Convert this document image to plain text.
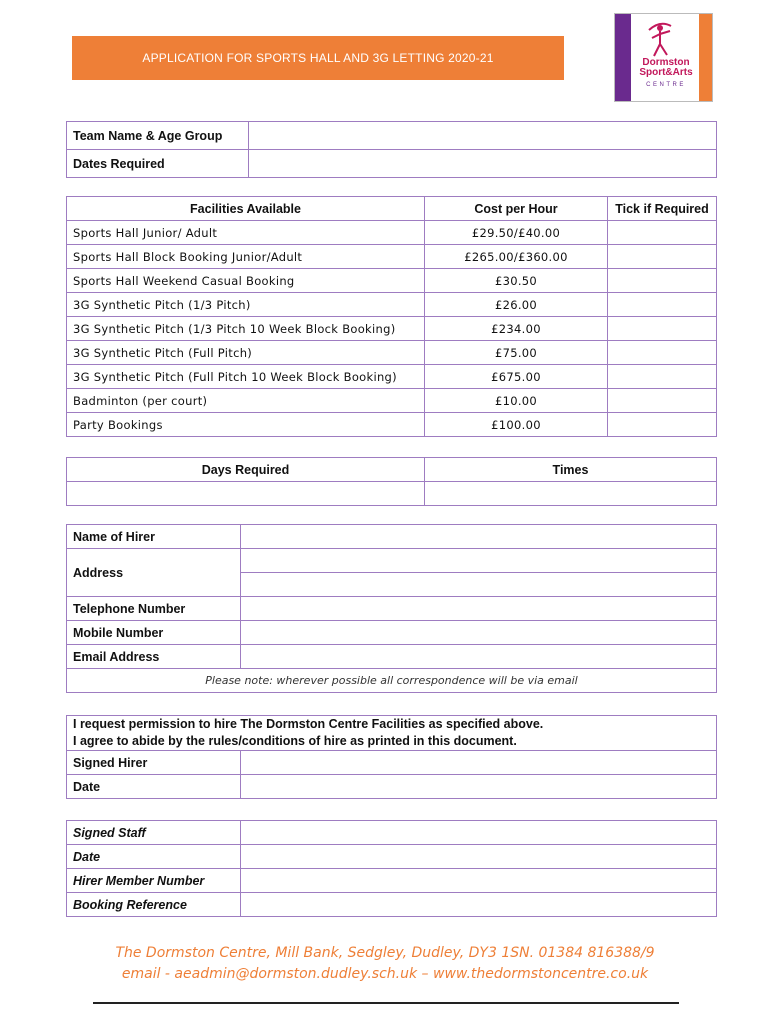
APPLICATION FOR SPORTS HALL AND 3G LETTING 2020-21	Dormston
Sport&Arts
CENTRE
Team Name & Age Group	
Dates Required	
Facilities Available	Cost per Hour	Tick if Required
Sports Hall Junior/ Adult	£29.50/£40.00	
Sports Hall Block Booking Junior/Adult	£265.00/£360.00	
Sports Hall Weekend Casual Booking	£30.50	
3G Synthetic Pitch (1/3 Pitch)	£26.00	
3G Synthetic Pitch (1/3 Pitch 10 Week Block Booking)	£234.00	
3G Synthetic Pitch (Full Pitch)	£75.00	
3G Synthetic Pitch (Full Pitch 10 Week Block Booking)	£675.00	
Badminton (per court)	£10.00	
Party Bookings	£100.00	
Days Required	Times

Name of Hirer	
Address	

Telephone Number	
Mobile Number	
Email Address	
Please note: wherever possible all correspondence will be via email	
I request permission to hire The Dormston Centre Facilities as specified above.
I agree to abide by the rules/conditions of hire as printed in this document.	

Signed Hirer	
Date	
Signed Staff	
Date	
Hirer Member Number	
Booking Reference	
The Dormston Centre, Mill Bank, Sedgley, Dudley, DY3 1SN. 01384 816388/9
email - aeadmin@dormston.dudley.sch.uk – www.thedormstoncentre.co.uk
